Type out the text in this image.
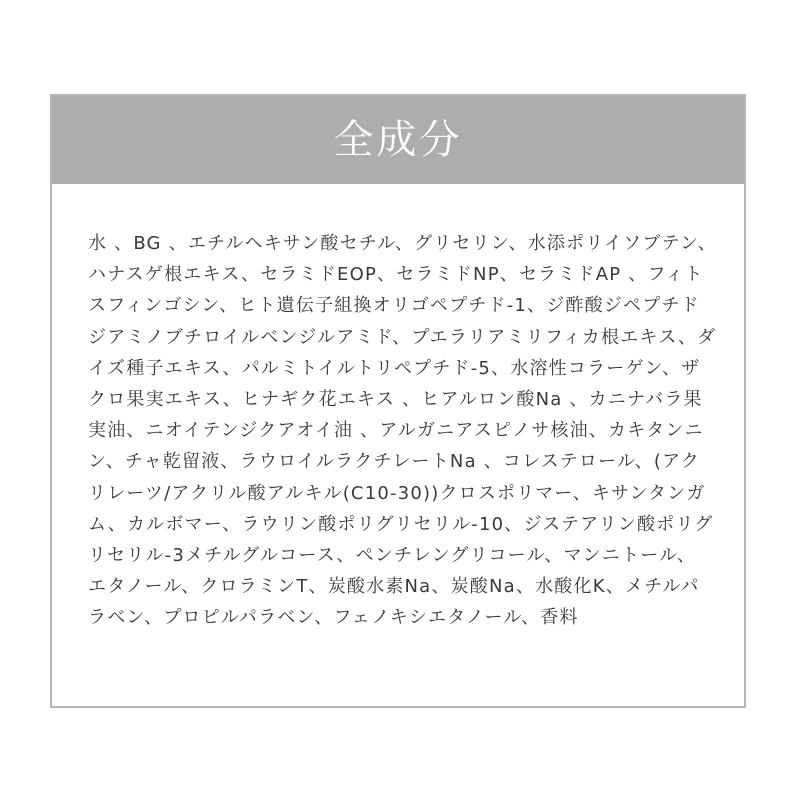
全成分
水 、BG 、エチルヘキサン酸セチル、グリセリン、水添ポリイソブテン、ハナスゲ根エキス、セラミドEOP、セラミドNP、セラミドAP 、フィトスフィンゴシン、ヒト遺伝子組換オリゴペプチド-1、ジ酢酸ジペプチドジアミノブチロイルベンジルアミド、プエラリアミリフィカ根エキス、ダイズ種子エキス、パルミトイルトリペプチド-5、水溶性コラーゲン、ザクロ果実エキス、ヒナギク花エキス 、ヒアルロン酸Na 、カニナバラ果実油、ニオイテンジクアオイ油 、アルガニアスピノサ核油、カキタンニン、チャ乾留液、ラウロイルラクチレートNa 、コレステロール、(アクリレーツ/アクリル酸アルキル(C10-30))クロスポリマー、キサンタンガム、カルボマー、ラウリン酸ポリグリセリル-10、ジステアリン酸ポリグリセリル-3メチルグルコース、ペンチレングリコール、マンニトール、 エタノール、クロラミンT、炭酸水素Na、炭酸Na、水酸化K、メチルパラベン、プロピルパラベン、フェノキシエタノール、香料
